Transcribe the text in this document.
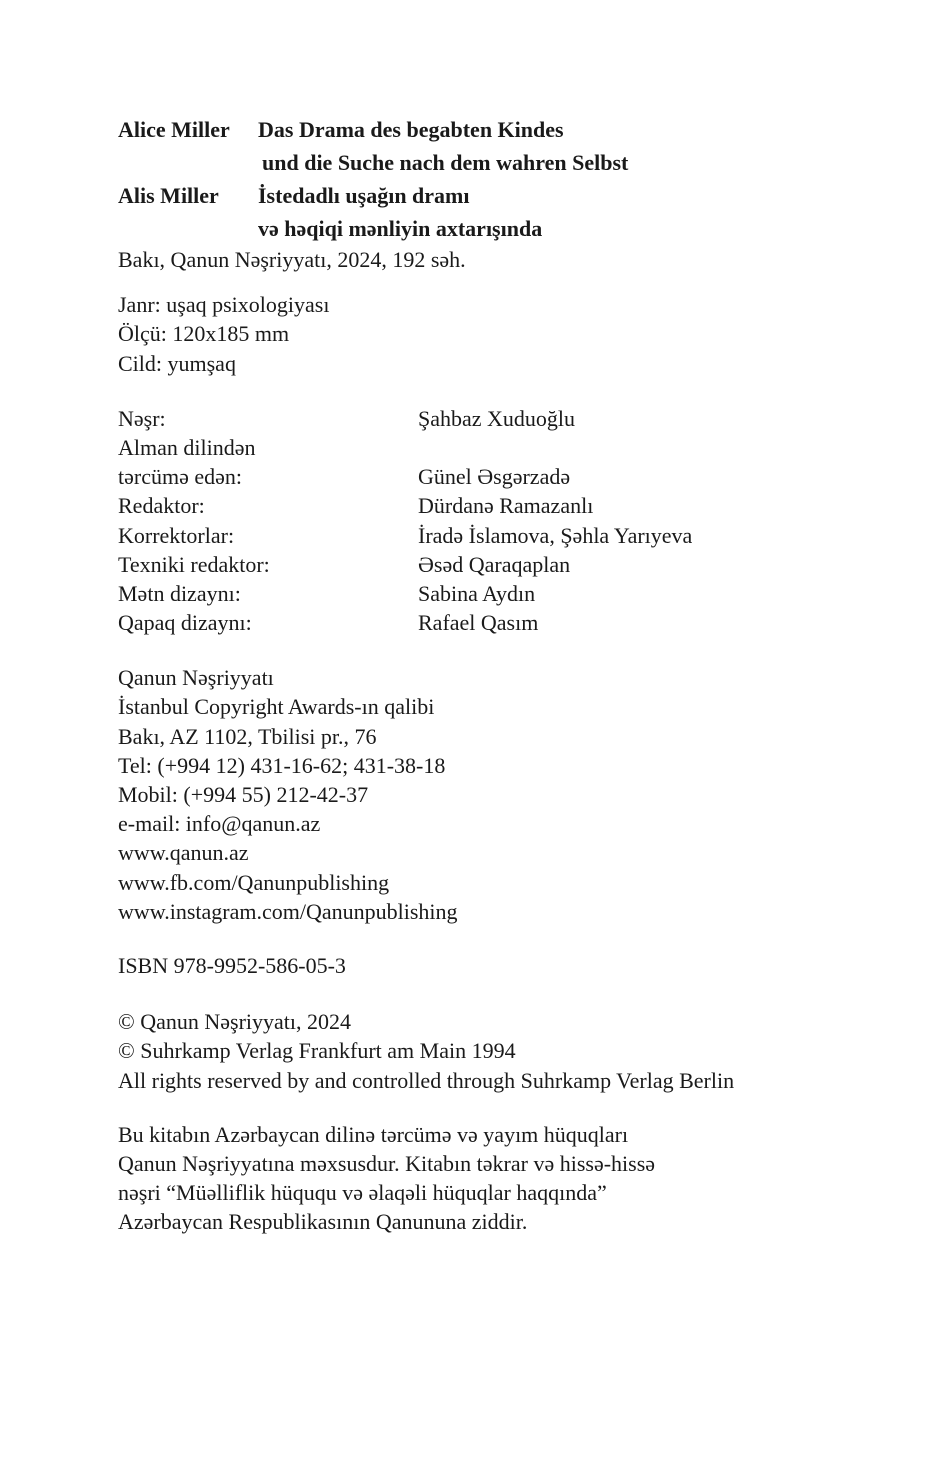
Alice Miller	Das Drama des begabten Kindes
und die Suche nach dem wahren Selbst
Alis Miller	İstedadlı uşağın dramı
və həqiqi mənliyin axtarışında
Bakı, Qanun Nəşriyyatı, 2024, 192 səh.
Janr: uşaq psixologiyası
Ölçü: 120x185 mm
Cild: yumşaq
Nəşr:	Şahbaz Xuduoğlu
Alman dilindən
tərcümə edən:	Günel Əsgərzadə
Redaktor:	Dürdanə Ramazanlı
Korrektorlar:	İradə İslamova, Şəhla Yarıyeva
Texniki redaktor:	Əsəd Qaraqaplan
Mətn dizaynı:	Sabina Aydın
Qapaq dizaynı:	Rafael Qasım
Qanun Nəşriyyatı
İstanbul Copyright Awards-ın qalibi
Bakı, AZ 1102, Tbilisi pr., 76
Tel: (+994 12) 431-16-62; 431-38-18
Mobil: (+994 55) 212-42-37
e-mail: info@qanun.az
www.qanun.az
www.fb.com/Qanunpublishing
www.instagram.com/Qanunpublishing
ISBN 978-9952-586-05-3
© Qanun Nəşriyyatı, 2024
© Suhrkamp Verlag Frankfurt am Main 1994
All rights reserved by and controlled through Suhrkamp Verlag Berlin
Bu kitabın Azərbaycan dilinə tərcümə və yayım hüquqları
Qanun Nəşriyyatına məxsusdur. Kitabın təkrar və hissə-hissə
nəşri “Müəlliflik hüququ və əlaqəli hüquqlar haqqında”
Azərbaycan Respublikasının Qanununa ziddir.
